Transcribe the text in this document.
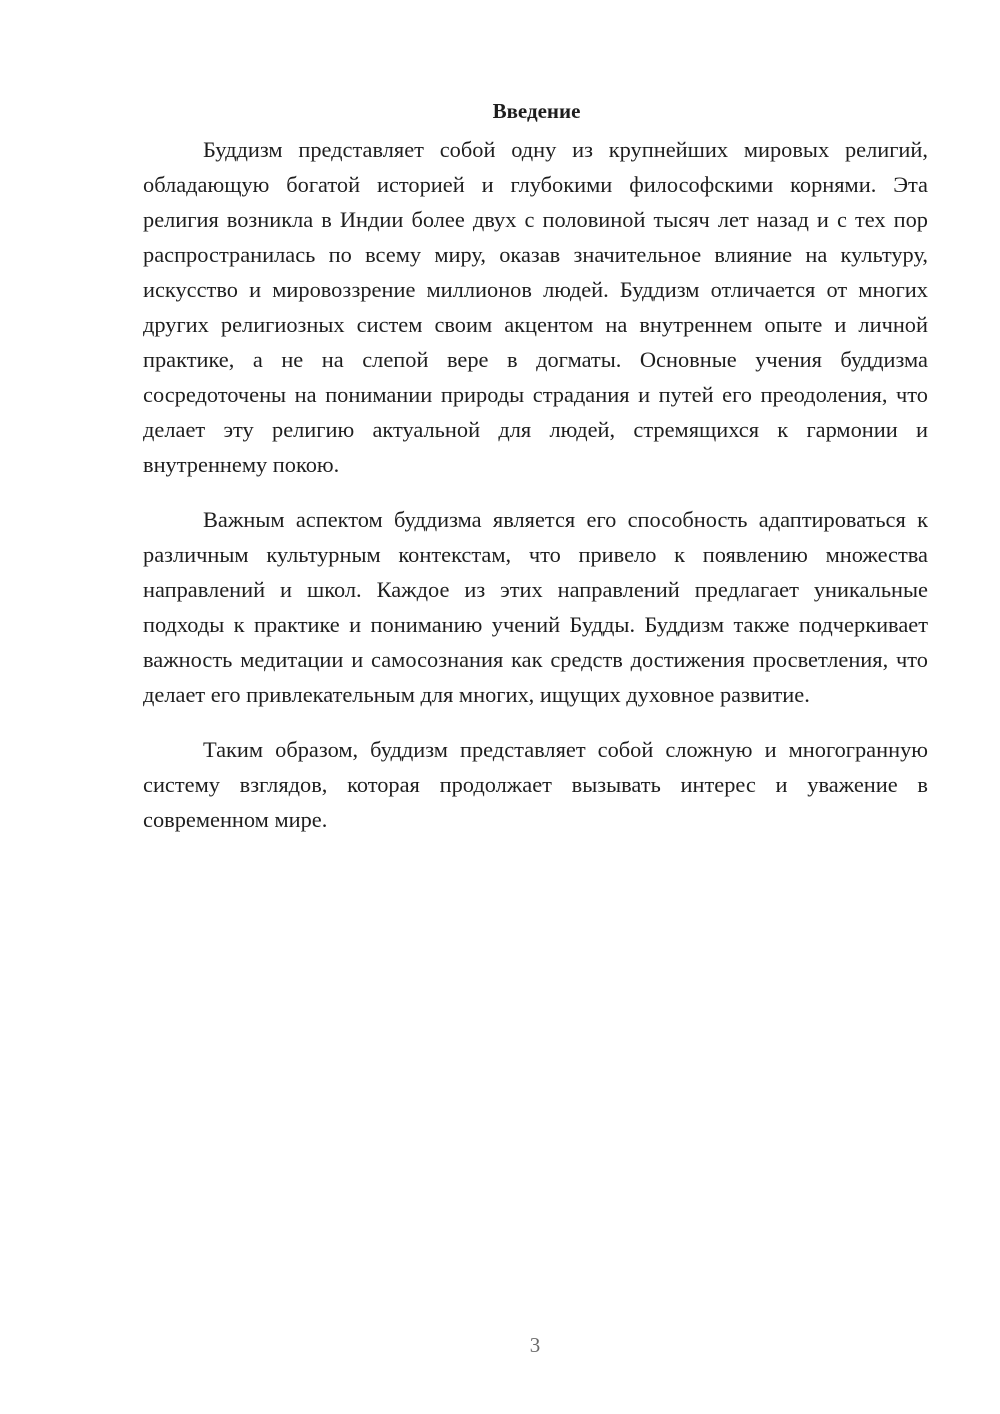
Введение

Буддизм представляет собой одну из крупнейших мировых религий, обладающую богатой историей и глубокими философскими корнями. Эта религия возникла в Индии более двух с половиной тысяч лет назад и с тех пор распространилась по всему миру, оказав значительное влияние на культуру, искусство и мировоззрение миллионов людей. Буддизм отличается от многих других религиозных систем своим акцентом на внутреннем опыте и личной практике, а не на слепой вере в догматы. Основные учения буддизма сосредоточены на понимании природы страдания и путей его преодоления, что делает эту религию актуальной для людей, стремящихся к гармонии и внутреннему покою.

Важным аспектом буддизма является его способность адаптироваться к различным культурным контекстам, что привело к появлению множества направлений и школ. Каждое из этих направлений предлагает уникальные подходы к практике и пониманию учений Будды. Буддизм также подчеркивает важность медитации и самосознания как средств достижения просветления, что делает его привлекательным для многих, ищущих духовное развитие.

Таким образом, буддизм представляет собой сложную и многогранную систему взглядов, которая продолжает вызывать интерес и уважение в современном мире.

3
